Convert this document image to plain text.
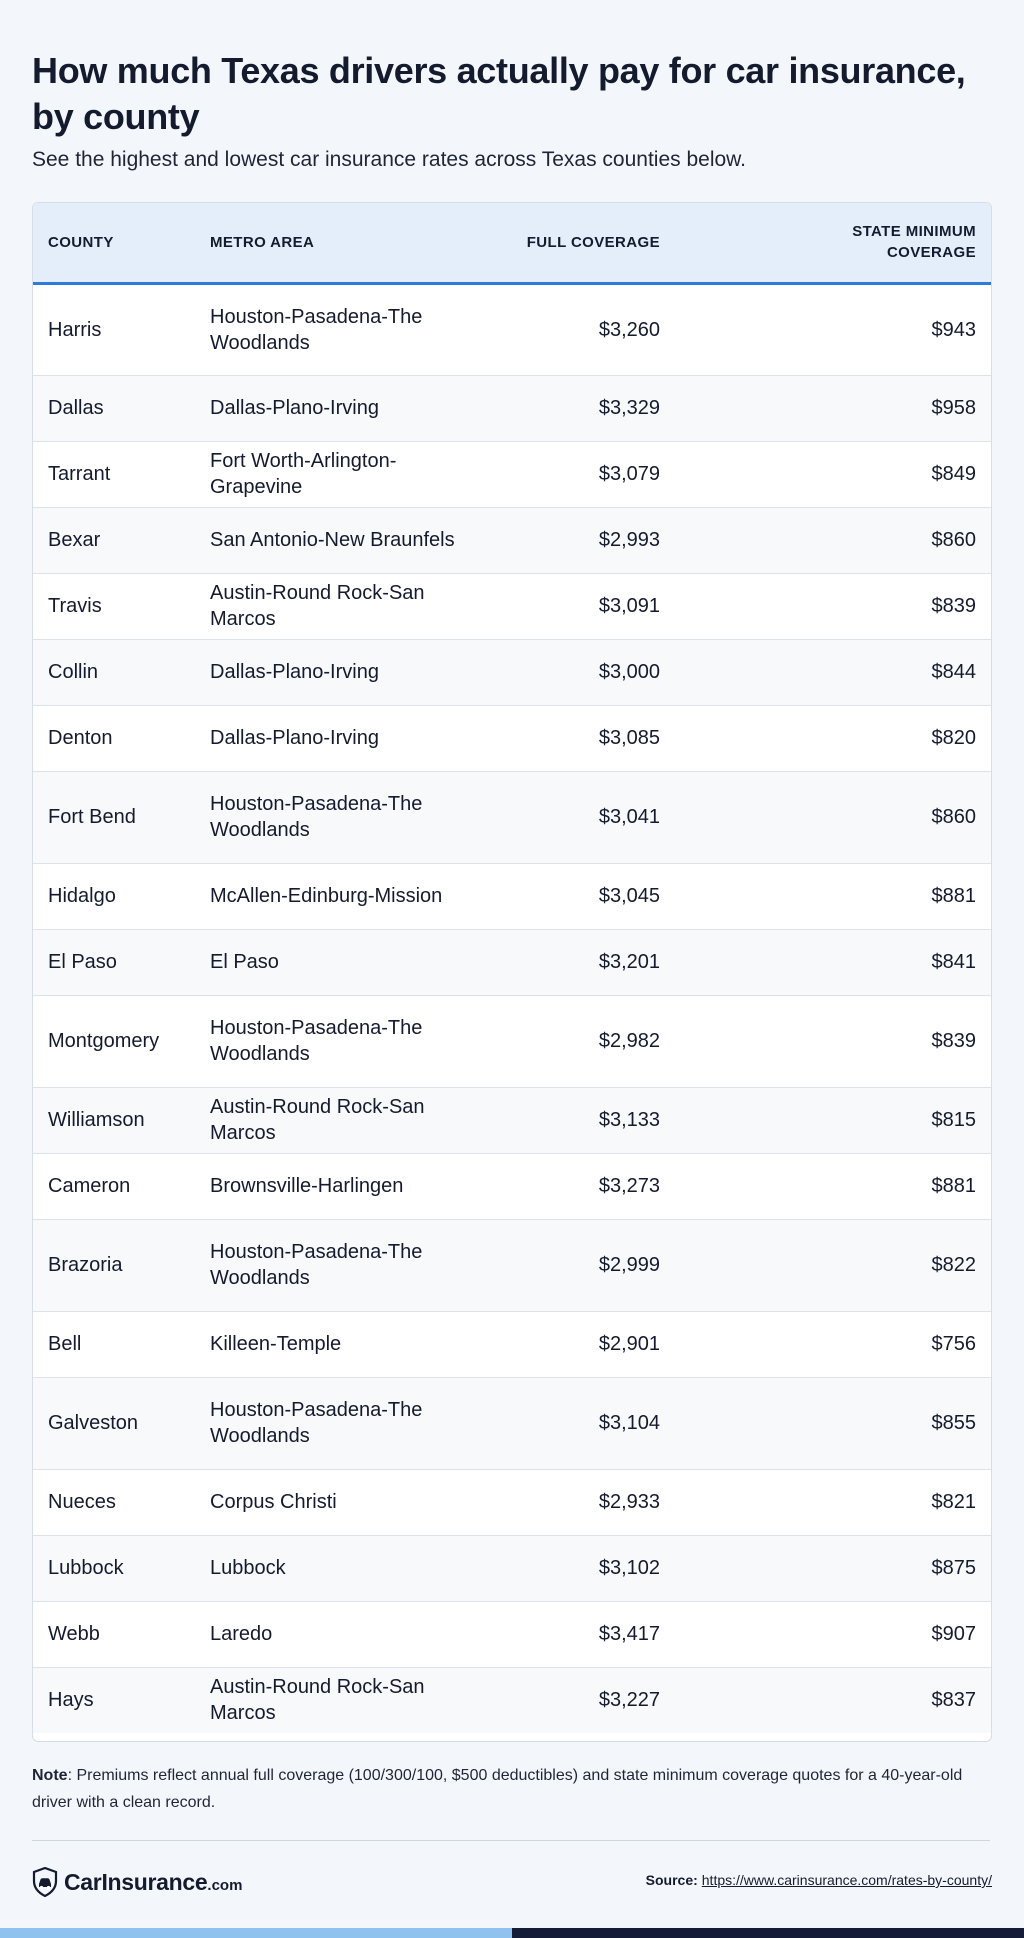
How much Texas drivers actually pay for car insurance, by county
See the highest and lowest car insurance rates across Texas counties below.
COUNTY	METRO AREA	FULL COVERAGE	STATE MINIMUM COVERAGE
Harris	Houston-Pasadena-The Woodlands	$3,260	$943
Dallas	Dallas-Plano-Irving	$3,329	$958
Tarrant	Fort Worth-Arlington-Grapevine	$3,079	$849
Bexar	San Antonio-New Braunfels	$2,993	$860
Travis	Austin-Round Rock-San Marcos	$3,091	$839
Collin	Dallas-Plano-Irving	$3,000	$844
Denton	Dallas-Plano-Irving	$3,085	$820
Fort Bend	Houston-Pasadena-The Woodlands	$3,041	$860
Hidalgo	McAllen-Edinburg-Mission	$3,045	$881
El Paso	El Paso	$3,201	$841
Montgomery	Houston-Pasadena-The Woodlands	$2,982	$839
Williamson	Austin-Round Rock-San Marcos	$3,133	$815
Cameron	Brownsville-Harlingen	$3,273	$881
Brazoria	Houston-Pasadena-The Woodlands	$2,999	$822
Bell	Killeen-Temple	$2,901	$756
Galveston	Houston-Pasadena-The Woodlands	$3,104	$855
Nueces	Corpus Christi	$2,933	$821
Lubbock	Lubbock	$3,102	$875
Webb	Laredo	$3,417	$907
Hays	Austin-Round Rock-San Marcos	$3,227	$837
Note: Premiums reflect annual full coverage (100/300/100, $500 deductibles) and state minimum coverage quotes for a 40-year-old driver with a clean record.
CarInsurance .com	Source: https://www.carinsurance.com/rates-by-county/
